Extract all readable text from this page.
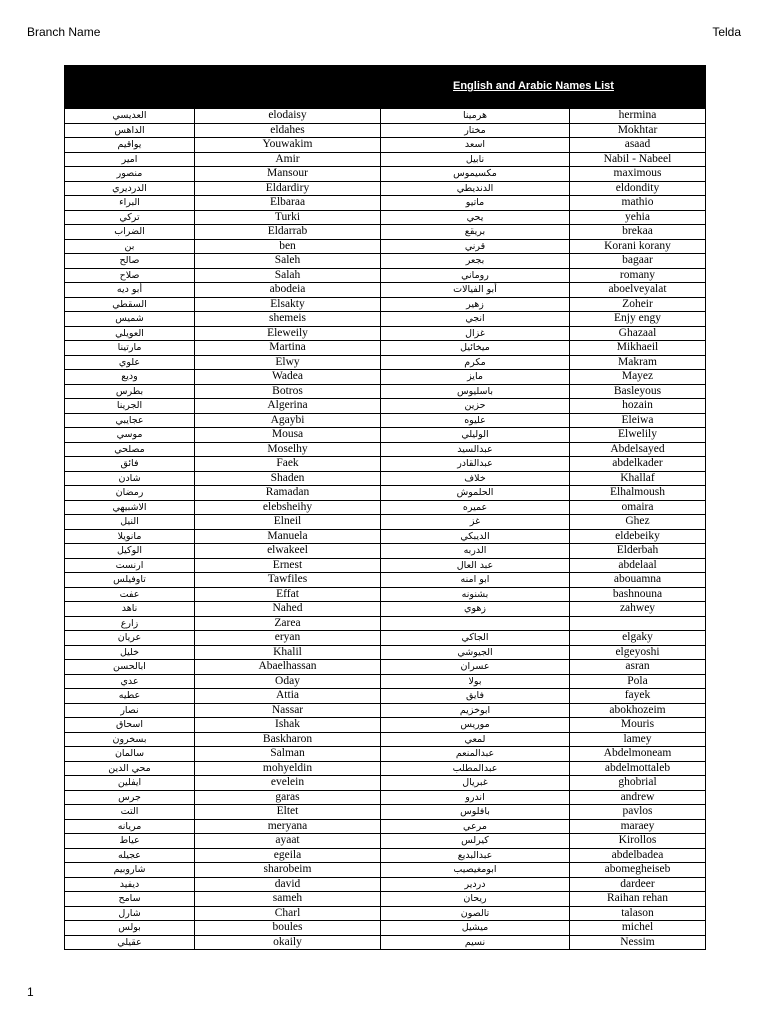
Branch Name	Telda
English and Arabic Names List			

العديسي	elodaisy	هرمينا	hermina
الداهس	eldahes	مختار	Mokhtar
يواقيم	Youwakim	اسعد	asaad
امير	Amir	نابيل	Nabil - Nabeel
منصور	Mansour	مكسيموس	maximous
الدرديري	Eldardiry	الدنديطي	eldondity
البراء	Elbaraa	ماتيو	mathio
تركي	Turki	يحي	yehia
الضراب	Eldarrab	بريقع	brekaa
بن	ben	قرني	Korani korany
صالح	Saleh	بجعر	bagaar
صلاح	Salah	روماني	romany
أبو ديه	abodeia	أبو الفيالات	aboelveyalat
السقطي	Elsakty	زهير	Zoheir
شميس	shemeis	انجي	Enjy engy
العويلي	Eleweily	غزال	Ghazaal
مارتينا	Martina	ميخائيل	Mikhaeil
علوي	Elwy	مكرم	Makram
وديع	Wadea	مايز	Mayez
بطرس	Botros	باسليوس	Basleyous
الجرينا	Algerina	حزين	hozain
عجايبي	Agaybi	عليوه	Eleiwa
موسي	Mousa	الوليلي	Elwelily
مصلحي	Moselhy	عبدالسيد	Abdelsayed
فائق	Faek	عبدالقادر	abdelkader
شادن	Shaden	خلاف	Khallaf
رمضان	Ramadan	الحلموش	Elhalmoush
الاشبيهي	elebsheihy	عميره	omaira
النيل	Elneil	غز	Ghez
مانويلا	Manuela	الديبكي	eldebeiky
الوكيل	elwakeel	الدربه	Elderbah
ارنست	Ernest	عبد العال	abdelaal
تاوفيلس	Tawfiles	ابو امنه	abouamna
عفت	Effat	بشنونه	bashnouna
ناهد	Nahed	زهوي	zahwey
زارع	Zarea		
عريان	eryan	الجاكي	elgaky
خليل	Khalil	الجيوشي	elgeyoshi
ابالحسن	Abaelhassan	عسران	asran
عدي	Oday	بولا	Pola
عطيه	Attia	فايق	fayek
نصار	Nassar	ابوخزيم	abokhozeim
اسحاق	Ishak	موريس	Mouris
بسخرون	Baskharon	لمعي	lamey
سالمان	Salman	عبدالمنعم	Abdelmoneam
محي الدين	mohyeldin	عبدالمطلب	abdelmottaleb
ايفلين	evelein	غبريال	ghobrial
جرس	garas	اندرو	andrew
التت	Eltet	بافلوس	pavlos
مريانه	meryana	مرعي	maraey
عياط	ayaat	كيرلس	Kirollos
عجيله	egeila	عبدالبديع	abdelbadea
شاروبيم	sharobeim	ابومغيصيب	abomegheiseb
ديفيد	david	دردير	dardeer
سامح	sameh	ريحان	Raihan rehan
شارل	Charl	تالصون	talason
بولس	boules	ميشيل	michel
عقيلي	okaily	نسيم	Nessim
1
